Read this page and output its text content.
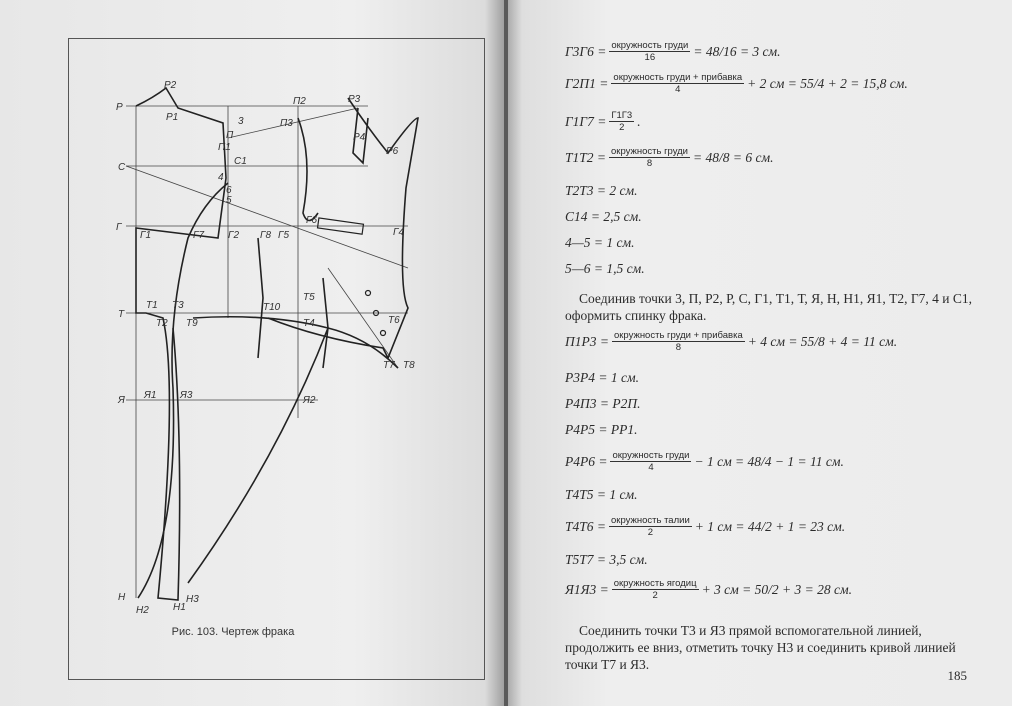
Р
Р2
Р1	3
П
П1
С
С1
4
6
5
Г
Г1	Г7 Г2 Г8 Г5
Г6
Г4
П2
П3
Р3
Р4
Р6
Т
Т1
Т2
Т3
Т9
Т10
Т5
Т4	Т6
Т7 Т8
Я Я1 Я3	Я2
Н
Н2 Н1
Н3
Рис. 103. Чертеж фрака
$Г3Г6 = \frac{\text{окружность груди}}{16} = 48/16 = 3$ см.
$Г2П1 = \frac{\text{окружность груди + прибавка}}{4} + 2$ см = 55/4 + 2 = 15,8 см.
$Г1Г7 = \frac{Г1Г3}{2}$ .
$Т1Т2 = \frac{\text{окружность груди}}{8} = 48/8 = 6$ см.
Т2Т3 = 2 см.
С14 = 2,5 см.
4—5 = 1 см.
5—6 = 1,5 см.
Соединив точки 3, П, Р2, Р, С, Г1, Т1, Т, Я, Н, Н1, Я1, Т2, Г7, 4 и С1, оформить спинку фрака.
$П1Р3 = \frac{\text{окружность груди + прибавка}}{8} + 4$ см = 55/8 + 4 = 11 см.
Р3Р4 = 1 см.
Р4П3 = Р2П.
Р4Р5 = РР1.
$Р4Р6 = \frac{\text{окружность груди}}{4} - 1$ см = 48/4 − 1 = 11 см.
Т4Т5 = 1 см.
$Т4Т6 = \frac{\text{окружность талии}}{2} + 1$ см = 44/2 + 1 = 23 см.
Т5Т7 = 3,5 см.
$Я1Я3 = \frac{\text{окружность ягодиц}}{2} + 3$ см = 50/2 + 3 = 28 см.
Соединить точки Т3 и Я3 прямой вспомогательной линией, продолжить ее вниз, отметить точку Н3 и соединить кривой линией точки Т7 и Я3.
185
